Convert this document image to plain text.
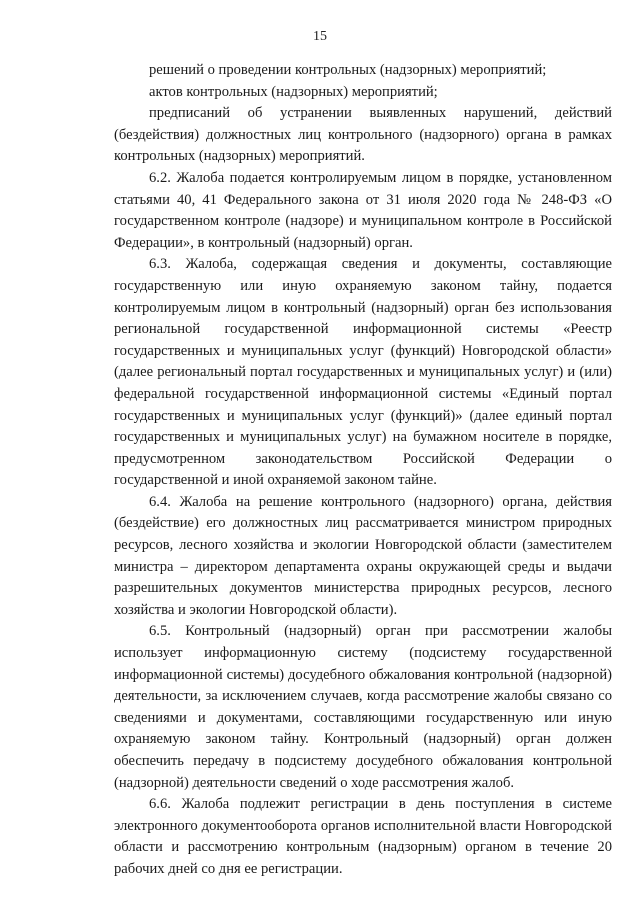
15

решений о проведении контрольных (надзорных) мероприятий;

актов контрольных (надзорных) мероприятий;

предписаний об устранении выявленных нарушений, действий (бездействия) должностных лиц контрольного (надзорного) органа в рамках контрольных (надзорных) мероприятий.

6.2. Жалоба подается контролируемым лицом в порядке, установленном статьями 40, 41 Федерального закона от 31 июля 2020 года № 248-ФЗ «О государственном контроле (надзоре) и муниципальном контроле в Российской Федерации», в контрольный (надзорный) орган.

6.3. Жалоба, содержащая сведения и документы, составляющие государственную или иную охраняемую законом тайну, подается контролируемым лицом в контрольный (надзорный) орган без использования региональной государственной информационной системы «Реестр государственных и муниципальных услуг (функций) Новгородской области» (далее региональный портал государственных и муниципальных услуг) и (или) федеральной государственной информационной системы «Единый портал государственных и муниципальных услуг (функций)» (далее единый портал государственных и муниципальных услуг) на бумажном носителе в порядке, предусмотренном законодательством Российской Федерации о государственной и иной охраняемой законом тайне.

6.4. Жалоба на решение контрольного (надзорного) органа, действия (бездействие) его должностных лиц рассматривается министром природных ресурсов, лесного хозяйства и экологии Новгородской области (заместителем министра – директором департамента охраны окружающей среды и выдачи разрешительных документов министерства природных ресурсов, лесного хозяйства и экологии Новгородской области).

6.5. Контрольный (надзорный) орган при рассмотрении жалобы использует информационную систему (подсистему государственной информационной системы) досудебного обжалования контрольной (надзорной) деятельности, за исключением случаев, когда рассмотрение жалобы связано со сведениями и документами, составляющими государственную или иную охраняемую законом тайну. Контрольный (надзорный) орган должен обеспечить передачу в подсистему досудебного обжалования контрольной (надзорной) деятельности сведений о ходе рассмотрения жалоб.

6.6. Жалоба подлежит регистрации в день поступления в системе электронного документооборота органов исполнительной власти Новгородской области и рассмотрению контрольным (надзорным) органом в течение 20 рабочих дней со дня ее регистрации.
